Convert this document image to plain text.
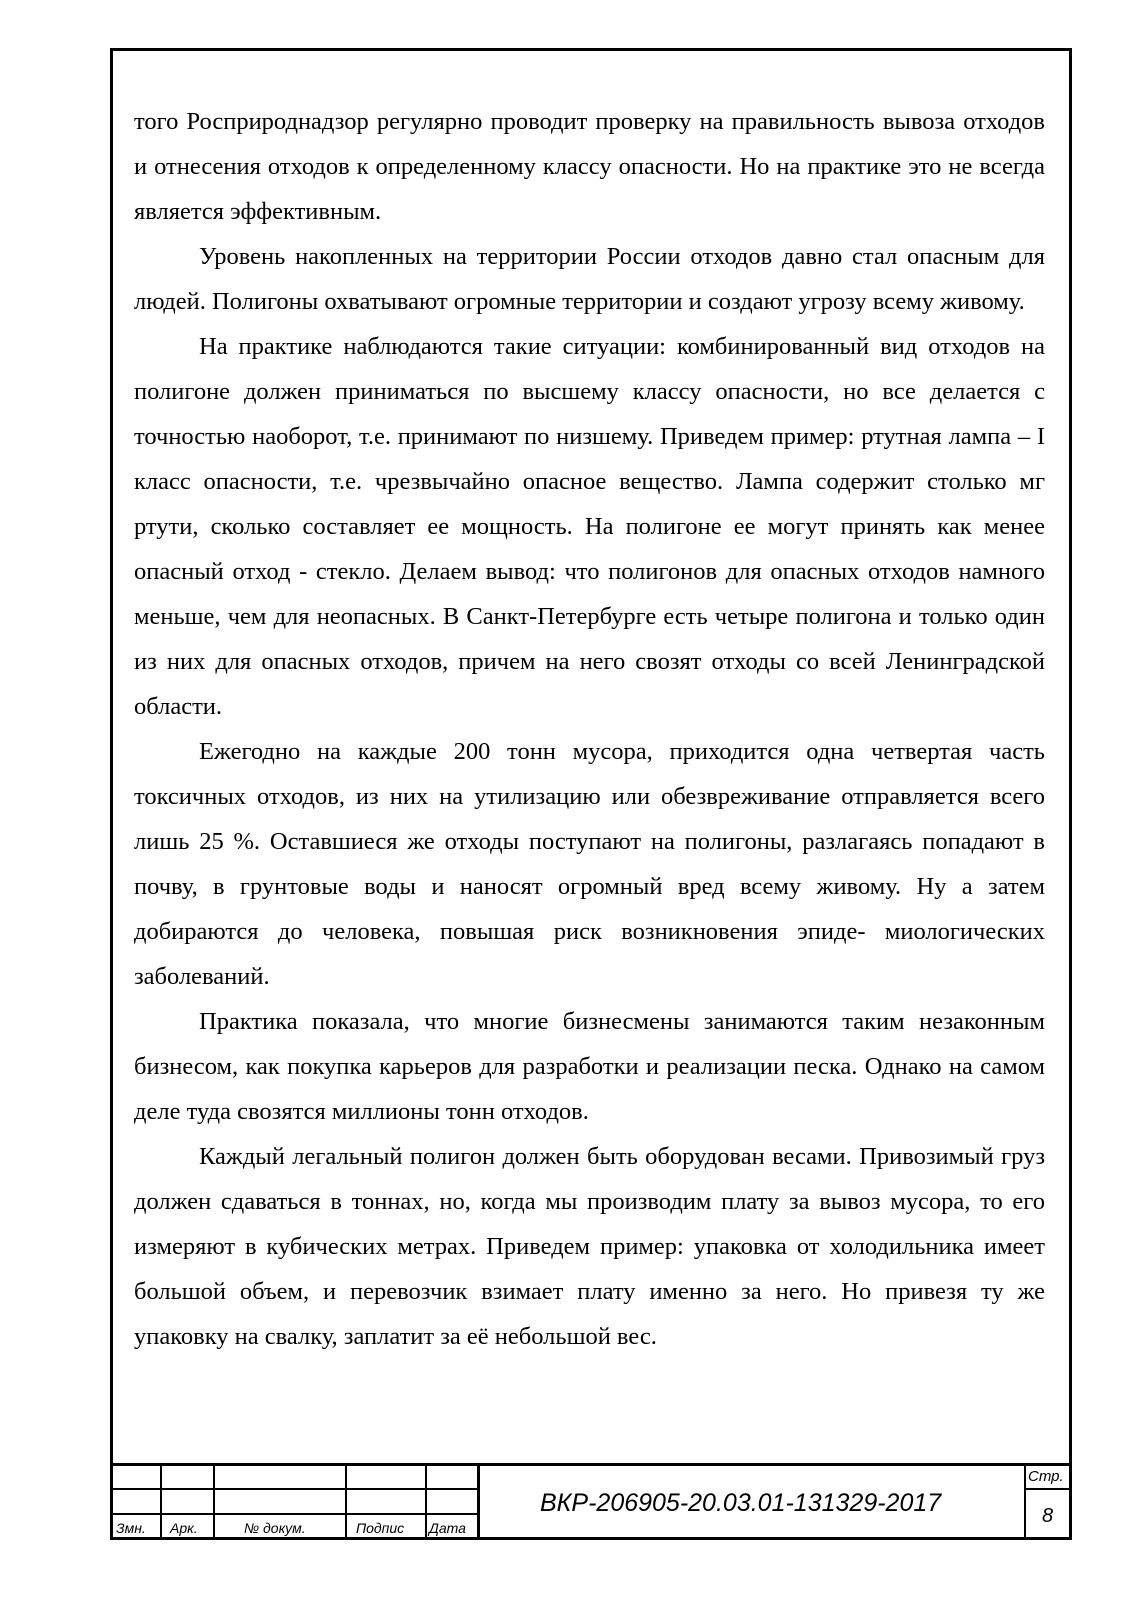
того Росприроднадзор регулярно проводит проверку на правильность вывоза отходов и отнесения отходов к определенному классу опасности. Но на практике это не всегда является эффективным.

Уровень накопленных на территории России отходов давно стал опасным для людей. Полигоны охватывают огромные территории и создают угрозу всему живому.

На практике наблюдаются такие ситуации: комбинированный вид отходов на полигоне должен приниматься по высшему классу опасности, но все делается с точностью наоборот, т.е. принимают по низшему. Приведем пример: ртутная лампа – I класс опасности, т.е. чрезвычайно опасное вещество. Лампа содержит столько мг ртути, сколько составляет ее мощность. На полигоне ее могут принять как менее опасный отход - стекло. Делаем вывод: что полигонов для опасных отходов намного меньше, чем для неопасных. В Санкт-Петербурге есть четыре полигона и только один из них для опасных отходов, причем на него свозят отходы со всей Ленинградской области.

Ежегодно на каждые 200 тонн мусора, приходится одна четвертая часть токсичных отходов, из них на утилизацию или обезвреживание отправляется всего лишь 25 %. Оставшиеся же отходы поступают на полигоны, разлагаясь попадают в почву, в грунтовые воды и наносят огромный вред всему живому. Ну а затем добираются до человека, повышая риск возникновения эпиде- миологических заболеваний.

Практика показала, что многие бизнесмены занимаются таким незаконным бизнесом, как покупка карьеров для разработки и реализации песка. Однако на самом деле туда свозятся миллионы тонн отходов.

Каждый легальный полигон должен быть оборудован весами. Привозимый груз должен сдаваться в тоннах, но, когда мы производим плату за вывоз мусора, то его измеряют в кубических метрах. Приведем пример: упаковка от холодильника имеет большой объем, и перевозчик взимает плату именно за него. Но привезя ту же упаковку на свалку, заплатит за её небольшой вес.

Змн. Арк.	№ докум.	Подпис Дата
ВКР-206905-20.03.01-131329-2017
Стр.
8
